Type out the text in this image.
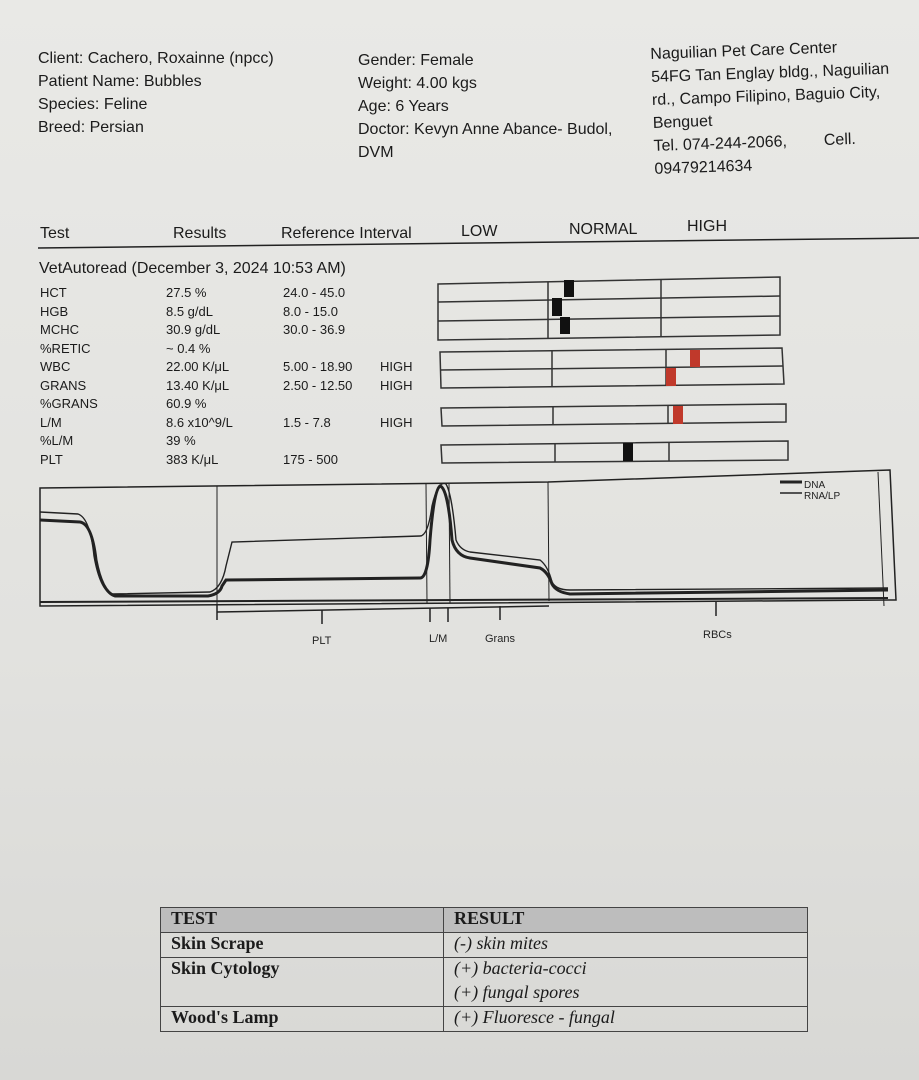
Client: Cachero, Roxainne (npcc)
Patient Name: Bubbles
Species: Feline
Breed: Persian
Gender: Female
Weight: 4.00 kgs
Age: 6 Years
Doctor: Kevyn Anne Abance- Budol,
DVM
Naguilian Pet Care Center
54FG Tan Englay bldg., Naguilian
rd., Campo Filipino, Baguio City,
Benguet
Tel. 074-244-2066, Cell.
09479214634
Test	Results	Reference Interval	LOW	NORMAL	HIGH
VetAutoread (December 3, 2024 10:53 AM)
HCT	27.5 %	24.0 - 45.0
HGB	8.5 g/dL	8.0 - 15.0
MCHC	30.9 g/dL	30.0 - 36.9
%RETIC	~ 0.4 %
WBC	22.00 K/μL	5.00 - 18.90 HIGH
GRANS	13.40 K/μL	2.50 - 12.50 HIGH
%GRANS	60.9 %
L/M	8.6 x10^9/L	1.5 - 7.8	HIGH
%L/M	39 %
PLT	383 K/μL	175 - 500
DNA
RNA/LP
PLT	L/M	Grans	RBCs
TEST	RESULT
Skin Scrape	(-) skin mites
Skin Cytology	(+) bacteria-cocci
	(+) fungal spores
Wood's Lamp	(+) Fluoresce - fungal
